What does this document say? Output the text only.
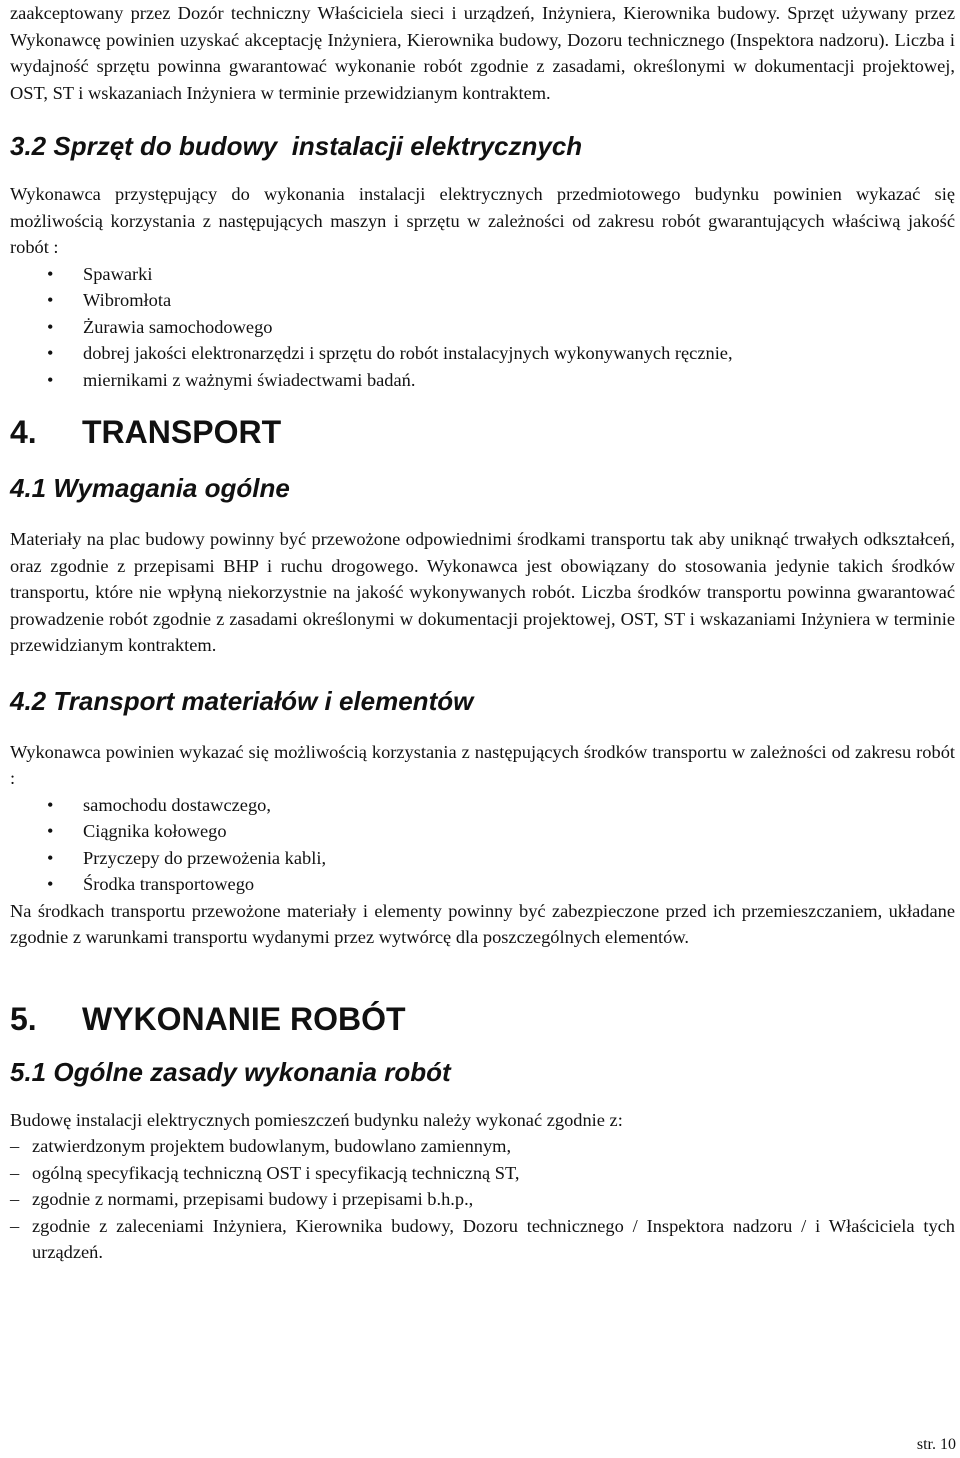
zaakceptowany przez Dozór techniczny Właściciela sieci i urządzeń, Inżyniera, Kierownika budowy. Sprzęt używany przez Wykonawcę powinien uzyskać akceptację Inżyniera, Kierownika budowy, Dozoru technicznego (Inspektora nadzoru). Liczba i wydajność sprzętu powinna gwarantować wykonanie robót zgodnie z zasadami, określonymi w dokumentacji projektowej, OST, ST i wskazaniach Inżyniera w terminie przewidzianym kontraktem.

3.2 Sprzęt do budowy  instalacji elektrycznych

Wykonawca przystępujący do wykonania instalacji elektrycznych przedmiotowego budynku powinien wykazać się możliwością korzystania z następujących maszyn i sprzętu w zależności od zakresu robót gwarantujących właściwą jakość robót :

• Spawarki
• Wibromłota
• Żurawia samochodowego
• dobrej jakości elektronarzędzi i sprzętu do robót instalacyjnych wykonywanych ręcznie,
• miernikami z ważnymi świadectwami badań.
4. TRANSPORT
4.1 Wymagania ogólne

Materiały na plac budowy powinny być przewożone odpowiednimi środkami transportu tak aby uniknąć trwałych odkształceń, oraz zgodnie z przepisami BHP i ruchu drogowego. Wykonawca jest obowiązany do stosowania jedynie takich środków transportu, które nie wpłyną niekorzystnie na jakość wykonywanych robót. Liczba środków transportu powinna gwarantować prowadzenie robót zgodnie z zasadami określonymi w dokumentacji projektowej, OST, ST i wskazaniami Inżyniera w terminie przewidzianym kontraktem.

4.2 Transport materiałów i elementów

Wykonawca powinien wykazać się możliwością korzystania z następujących środków transportu w zależności od zakresu robót :

• samochodu dostawczego,
• Ciągnika kołowego
• Przyczepy do przewożenia kabli,
• Środka transportowego

Na środkach transportu przewożone materiały i elementy powinny być zabezpieczone przed ich przemieszczaniem, układane zgodnie z warunkami transportu wydanymi przez wytwórcę dla poszczególnych elementów.

5. WYKONANIE ROBÓT
5.1 Ogólne zasady wykonania robót

Budowę instalacji elektrycznych pomieszczeń budynku należy wykonać zgodnie z:

– zatwierdzonym projektem budowlanym, budowlano zamiennym,
– ogólną specyfikacją techniczną OST i specyfikacją techniczną ST,
– zgodnie z normami, przepisami budowy i przepisami b.h.p.,
– zgodnie z zaleceniami Inżyniera, Kierownika budowy, Dozoru technicznego / Inspektora nadzoru / i Właściciela tych urządzeń.
str. 10
